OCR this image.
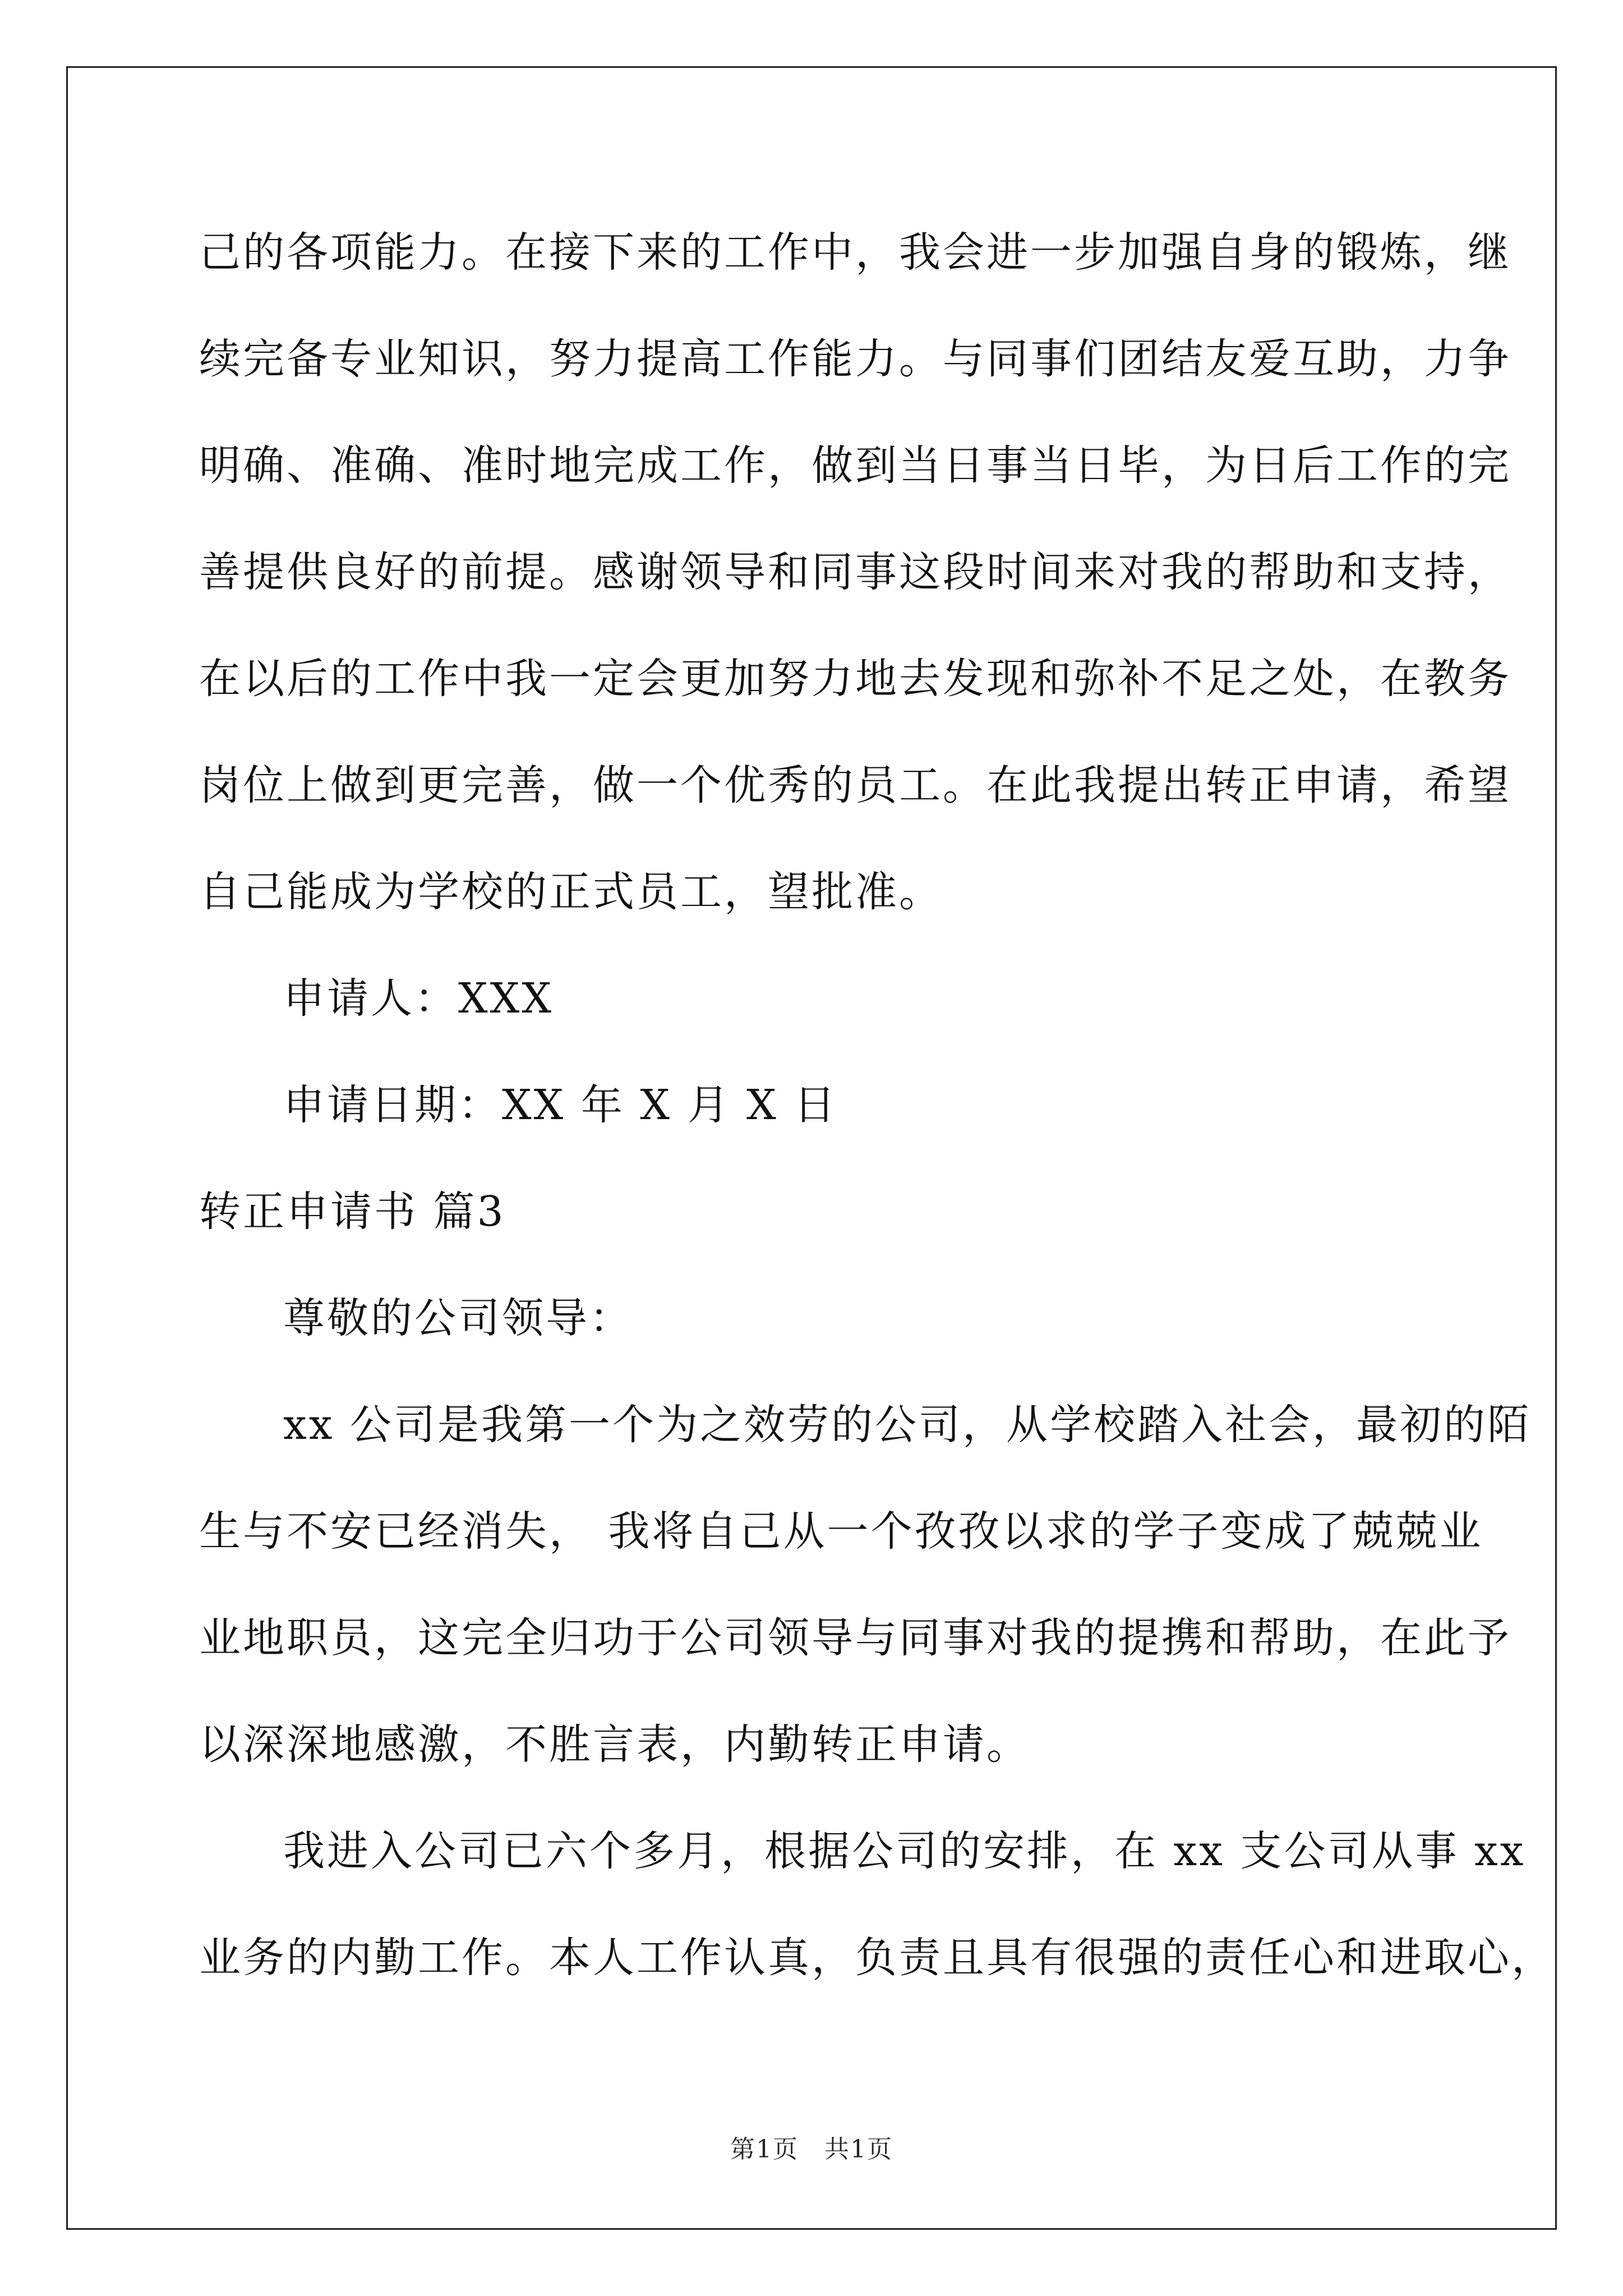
己的各项能力。在接下来的工作中，我会进一步加强自身的锻炼，继
续完备专业知识，努力提高工作能力。与同事们团结友爱互助，力争
明确、准确、准时地完成工作，做到当日事当日毕，为日后工作的完
善提供良好的前提。感谢领导和同事这段时间来对我的帮助和支持，
在以后的工作中我一定会更加努力地去发现和弥补不足之处，在教务
岗位上做到更完善，做一个优秀的员工。在此我提出转正申请，希望
自己能成为学校的正式员工，望批准。
申请人：XXX
申请日期：XX 年 X 月 X 日
转正申请书 篇3
尊敬的公司领导：
xx 公司是我第一个为之效劳的公司，从学校踏入社会，最初的陌
生与不安已经消失， 我将自己从一个孜孜以求的学子变成了兢兢业
业地职员，这完全归功于公司领导与同事对我的提携和帮助，在此予
以深深地感激，不胜言表，内勤转正申请。
我进入公司已六个多月，根据公司的安排，在 xx 支公司从事 xx
业务的内勤工作。本人工作认真，负责且具有很强的责任心和进取心，
第1页　共1页
